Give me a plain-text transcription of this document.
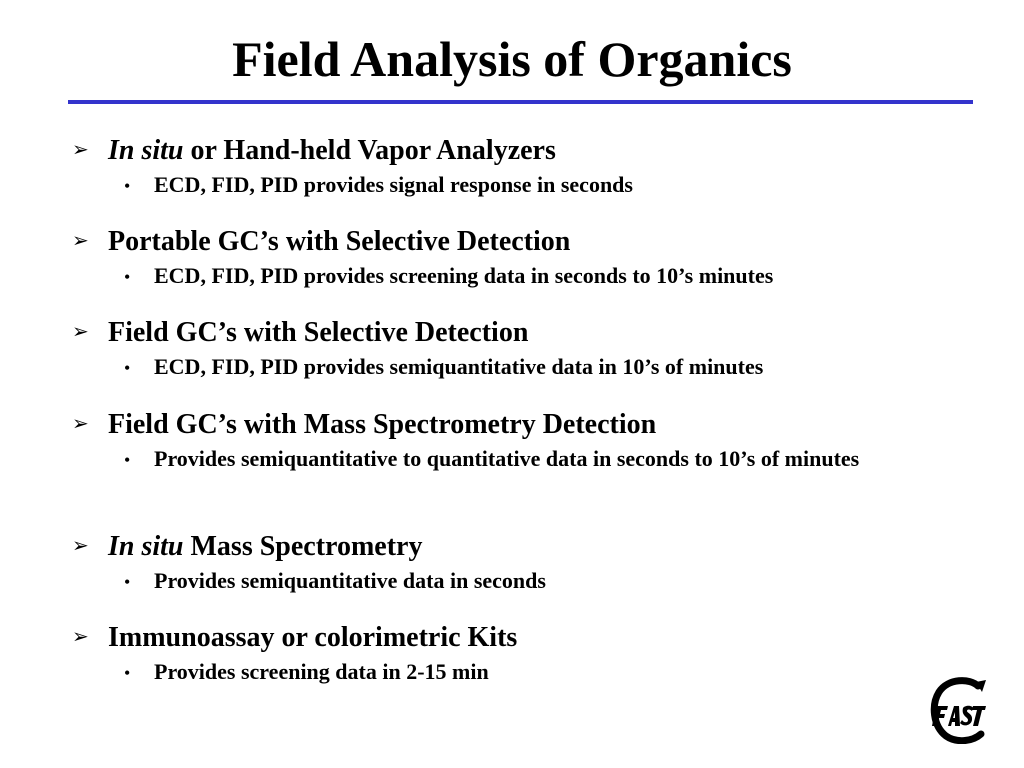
Field Analysis of Organics
➢ In situ or Hand-held Vapor Analyzers
•	ECD, FID, PID provides signal response in seconds
➢ Portable GC’s with Selective Detection
•	ECD, FID, PID provides screening data in seconds to 10’s minutes
➢ Field GC’s with Selective Detection
•	ECD, FID, PID provides semiquantitative data in 10’s of minutes
➢ Field GC’s with Mass Spectrometry Detection
•	Provides semiquantitative to quantitative data in seconds to 10’s of minutes
➢ In situ Mass Spectrometry
•	Provides semiquantitative data in seconds
➢ Immunoassay or colorimetric Kits
•	Provides screening data in 2-15 min
